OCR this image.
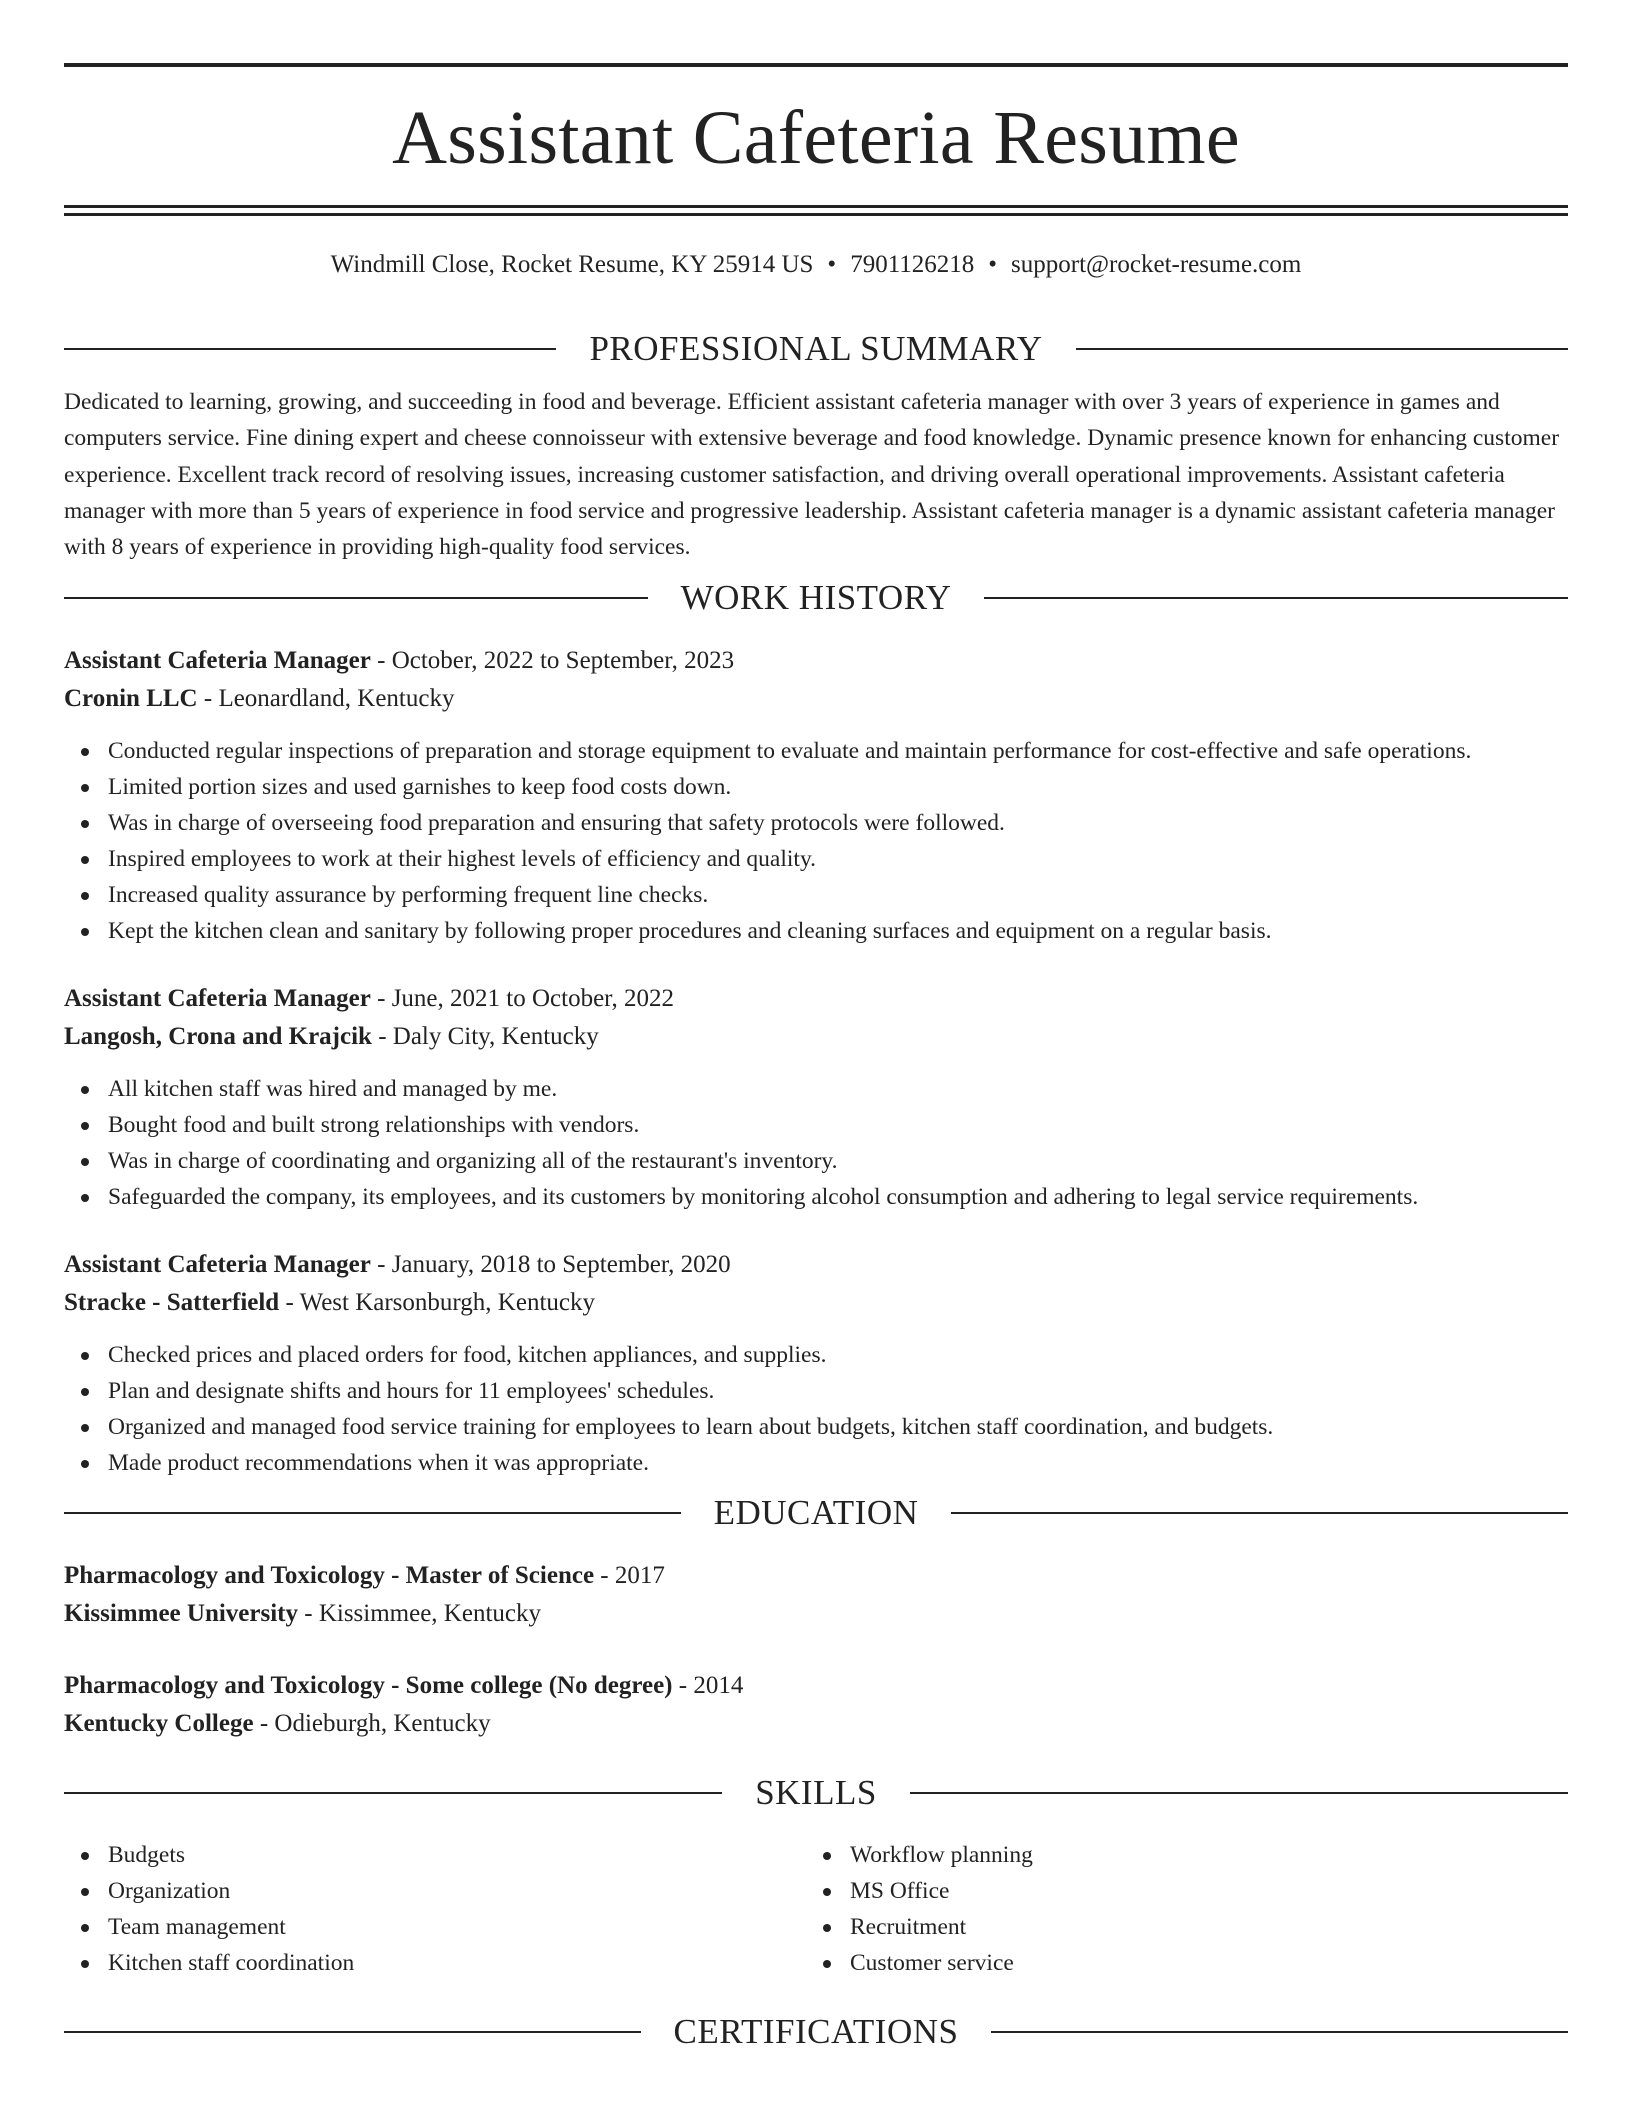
Assistant Cafeteria Resume
Windmill Close, Rocket Resume, KY 25914 US • 7901126218 • support@rocket-resume.com
PROFESSIONAL SUMMARY

Dedicated to learning, growing, and succeeding in food and beverage. Efficient assistant cafeteria manager with over 3 years of experience in games and computers service. Fine dining expert and cheese connoisseur with extensive beverage and food knowledge. Dynamic presence known for enhancing customer experience. Excellent track record of resolving issues, increasing customer satisfaction, and driving overall operational improvements. Assistant cafeteria manager with more than 5 years of experience in food service and progressive leadership. Assistant cafeteria manager is a dynamic assistant cafeteria manager with 8 years of experience in providing high-quality food services.

WORK HISTORY
Assistant Cafeteria Manager - October, 2022 to September, 2023
Cronin LLC - Leonardland, Kentucky
Conducted regular inspections of preparation and storage equipment to evaluate and maintain performance for cost-effective and safe operations.
Limited portion sizes and used garnishes to keep food costs down.
Was in charge of overseeing food preparation and ensuring that safety protocols were followed.
Inspired employees to work at their highest levels of efficiency and quality.
Increased quality assurance by performing frequent line checks.
Kept the kitchen clean and sanitary by following proper procedures and cleaning surfaces and equipment on a regular basis.
Assistant Cafeteria Manager - June, 2021 to October, 2022
Langosh, Crona and Krajcik - Daly City, Kentucky
All kitchen staff was hired and managed by me.
Bought food and built strong relationships with vendors.
Was in charge of coordinating and organizing all of the restaurant's inventory.
Safeguarded the company, its employees, and its customers by monitoring alcohol consumption and adhering to legal service requirements.
Assistant Cafeteria Manager - January, 2018 to September, 2020
Stracke - Satterfield - West Karsonburgh, Kentucky
Checked prices and placed orders for food, kitchen appliances, and supplies.
Plan and designate shifts and hours for 11 employees' schedules.
Organized and managed food service training for employees to learn about budgets, kitchen staff coordination, and budgets.
Made product recommendations when it was appropriate.
EDUCATION
Pharmacology and Toxicology - Master of Science - 2017
Kissimmee University - Kissimmee, Kentucky
Pharmacology and Toxicology - Some college (No degree) - 2014
Kentucky College - Odieburgh, Kentucky
SKILLS
Budgets
Organization
Team management
Kitchen staff coordination
Workflow planning
MS Office
Recruitment
Customer service
CERTIFICATIONS
